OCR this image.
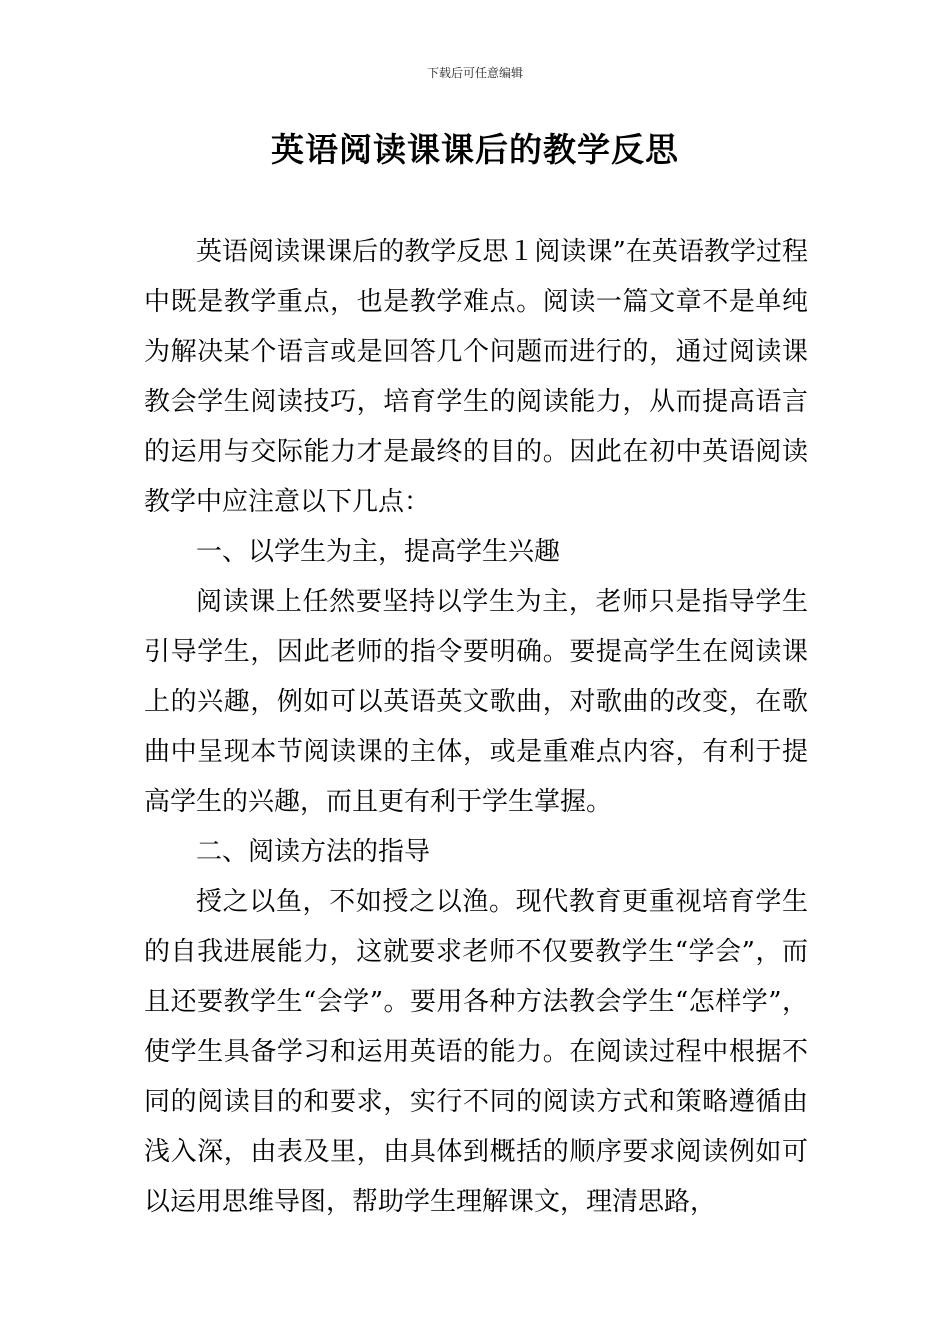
下载后可任意编辑
英语阅读课课后的教学反思

英语阅读课课后的教学反思１阅读课”在英语教学过程中既是教学重点，也是教学难点。阅读一篇文章不是单纯为解决某个语言或是回答几个问题而进行的，通过阅读课教会学生阅读技巧，培育学生的阅读能力，从而提高语言的运用与交际能力才是最终的目的。因此在初中英语阅读教学中应注意以下几点：

一、以学生为主，提高学生兴趣

阅读课上任然要坚持以学生为主，老师只是指导学生引导学生，因此老师的指令要明确。要提高学生在阅读课上的兴趣，例如可以英语英文歌曲，对歌曲的改变，在歌曲中呈现本节阅读课的主体，或是重难点内容，有利于提高学生的兴趣，而且更有利于学生掌握。

二、阅读方法的指导

授之以鱼，不如授之以渔。现代教育更重视培育学生的自我进展能力，这就要求老师不仅要教学生“学会”，而且还要教学生“会学”。要用各种方法教会学生“怎样学”，使学生具备学习和运用英语的能力。在阅读过程中根据不同的阅读目的和要求，实行不同的阅读方式和策略遵循由浅入深，由表及里，由具体到概括的顺序要求阅读例如可以运用思维导图，帮助学生理解课文，理清思路，
